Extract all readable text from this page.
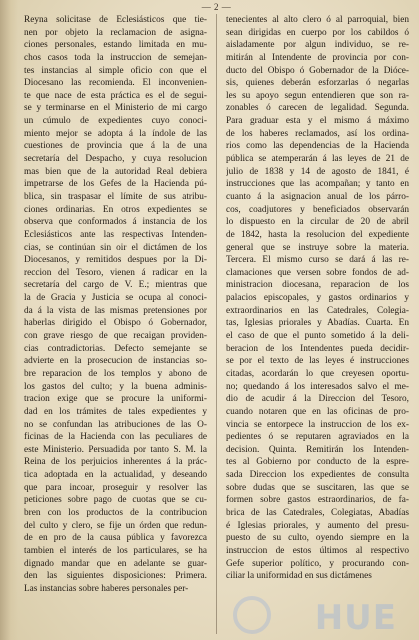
— 2 —
Reyna solicitase de Eclesiásticos que tie-
nen por objeto la reclamacion de asigna-
ciones personales, estando limitada en mu-
chos casos toda la instruccion de semejan-
tes instancias al simple oficio con que el
Diocesano las recomienda. El inconvenien-
te que nace de esta práctica es el de segui-
se y terminarse en el Ministerio de mi cargo
un cúmulo de expedientes cuyo conoci-
miento mejor se adopta á la índole de las
cuestiones de provincia que á la de una
secretaría del Despacho, y cuya resolucion
mas bien que de la autoridad Real debiera
impetrarse de los Gefes de la Hacienda pú-
blica, sin traspasar el límite de sus atribu-
ciones ordinarias. En otros expedientes se
observa que conformados á instancia de los
Eclesiásticos ante las respectivas Intenden-
cias, se continúan sin oir el dictámen de los
Diocesanos, y remitidos despues por la Di-
reccion del Tesoro, vienen á radicar en la
secretaría del cargo de V. E.; mientras que
la de Gracia y Justicia se ocupa al conoci-
da á la vista de las mismas pretensiones por
haberlas dirigido el Obispo ó Gobernador,
con grave riesgo de que recaigan providen-
cias contradictorias. Defecto semejante se
advierte en la prosecucion de instancias so-
bre reparacion de los templos y abono de
los gastos del culto; y la buena adminis-
tracion exige que se procure la uniformi-
dad en los trámites de tales expedientes y
no se confundan las atribuciones de las O-
ficinas de la Hacienda con las peculiares de
este Ministerio. Persuadida por tanto S. M. la
Reina de los perjuicios inherentes á la prác-
tica adoptada en la actualidad, y deseando
que para incoar, proseguir y resolver las
peticiones sobre pago de cuotas que se cu-
bren con los productos de la contribucion
del culto y clero, se fije un órden que redun-
de en pro de la causa pública y favorezca
tambien el interés de los particulares, se ha
dignado mandar que en adelante se guar-
den las siguientes disposiciones: Primera.
Las instancias sobre haberes personales per-
tenecientes al alto clero ó al parroquial, bien
sean dirigidas en cuerpo por los cabildos ó
aisladamente por algun individuo, se re-
mitirán al Intendente de provincia por con-
ducto del Obispo ó Gobernador de la Dióce-
sis, quienes deberán esforzarlas ó negarlas
les su apoyo segun entendieren que son ra-
zonables ó carecen de legalidad. Segunda.
Para graduar esta y el mismo á máximo
de los haberes reclamados, así los ordina-
rios como las dependencias de la Hacienda
pública se atemperarán á las leyes de 21 de
julio de 1838 y 14 de agosto de 1841, é
instrucciones que las acompañan; y tanto en
cuanto á la asignacion anual de los párro-
cos, coadjutores y beneficiados observarán
lo dispuesto en la circular de 20 de abril
de 1842, hasta la resolucion del expediente
general que se instruye sobre la materia.
Tercera. El mismo curso se dará á las re-
clamaciones que versen sobre fondos de ad-
ministracion diocesana, reparacion de los
palacios episcopales, y gastos ordinarios y
extraordinarios en las Catedrales, Colegia-
tas, Iglesias priorales y Abadías. Cuarta. En
el caso de que el punto sometido á la deli-
beracion de los Intendentes pueda decidir-
se por el texto de las leyes é instrucciones
citadas, acordarán lo que creyesen oportu-
no; quedando á los interesados salvo el me-
dio de acudir á la Direccion del Tesoro,
cuando notaren que en las oficinas de pro-
vincia se entorpece la instruccion de los ex-
pedientes ó se reputaren agraviados en la
decision. Quinta. Remitirán los Intenden-
tes al Gobierno por conducto de la espre-
sada Direccion los expedientes de consulta
sobre dudas que se suscitaren, las que se
formen sobre gastos estraordinarios, de fa-
brica de las Catedrales, Colegiatas, Abadías
é Iglesias priorales, y aumento del presu-
puesto de su culto, oyendo siempre en la
instruccion de estos últimos al respectivo
Gefe superior político, y procurando con-
ciliar la uniformidad en sus dictámenes
HUE
